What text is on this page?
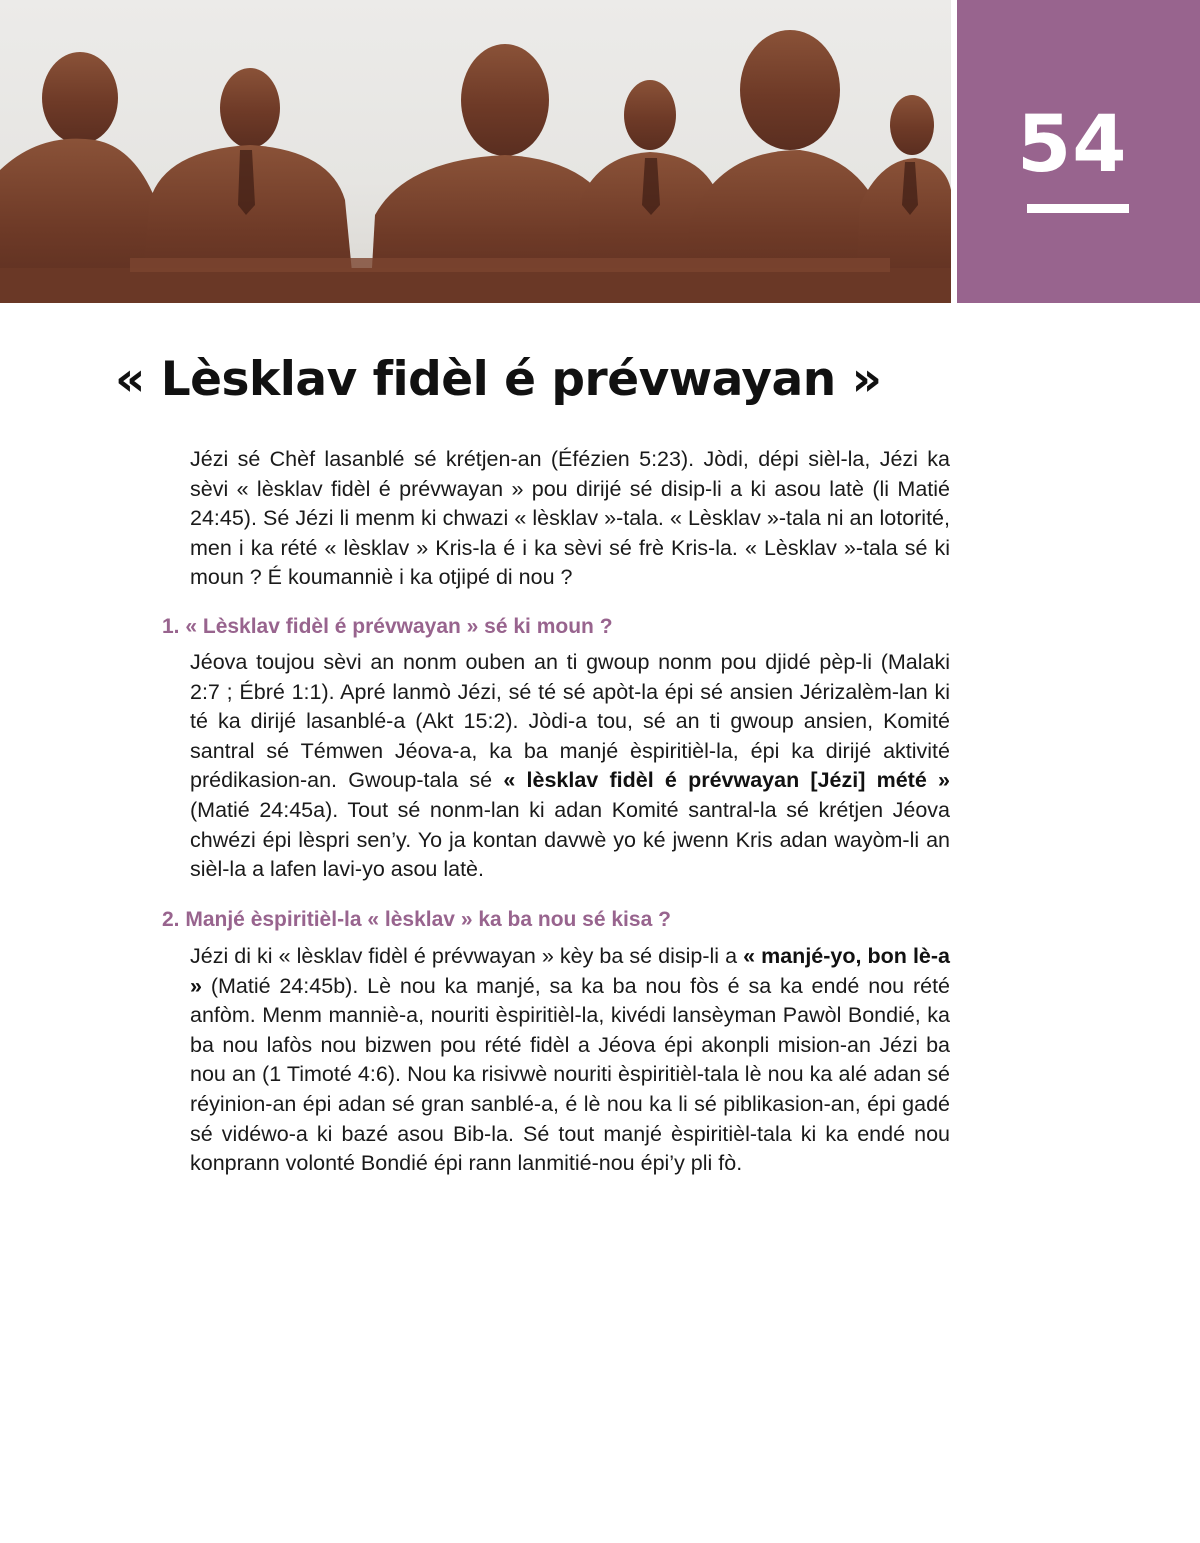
54
« Lèsklav fidèl é prévwayan »

Jézi sé Chèf lasanblé sé krétjen-an (Éfézien 5:23). Jòdi, dépi sièl-la, Jézi ka sèvi « lèsklav fidèl é prévwayan » pou dirijé sé disip-li a ki asou latè (li Matié 24:45). Sé Jézi li menm ki chwazi « lèsklav »-tala. « Lèsklav »-tala ni an lotorité, men i ka rété « lèsklav » Kris-la é i ka sèvi sé frè Kris-la. « Lèsklav »-tala sé ki moun ? É koumanniè i ka otjipé di nou ?

1. « Lèsklav fidèl é prévwayan » sé ki moun ?

Jéova toujou sèvi an nonm ouben an ti gwoup nonm pou djidé pèp-li (Malaki 2:7 ; Ébré 1:1). Apré lanmò Jézi, sé té sé apòt-la épi sé ansien Jérizalèm-lan ki té ka dirijé lasanblé-a (Akt 15:2). Jòdi-a tou, sé an ti gwoup ansien, Komité santral sé Témwen Jéova-a, ka ba manjé èspiritièl-la, épi ka dirijé aktivité prédikasion-an. Gwoup-tala sé « lèsklav fidèl é prévwayan [Jézi] mété » (Matié 24:45a). Tout sé nonm-lan ki adan Komité santral-la sé krétjen Jéova chwézi épi lèspri sen’y. Yo ja kontan davwè yo ké jwenn Kris adan wayòm-li an sièl-la a lafen lavi-yo asou latè.

2. Manjé èspiritièl-la « lèsklav » ka ba nou sé kisa ?

Jézi di ki « lèsklav fidèl é prévwayan » kèy ba sé disip-li a « manjé-yo, bon lè-a » (Matié 24:45b). Lè nou ka manjé, sa ka ba nou fòs é sa ka endé nou rété anfòm. Menm manniè-a, nouriti èspiritièl-la, kivédi lansèyman Pawòl Bondié, ka ba nou lafòs nou bizwen pou rété fidèl a Jéova épi akonpli mision-an Jézi ba nou an (1 Timoté 4:6). Nou ka risivwè nouriti èspiritièl-tala lè nou ka alé adan sé réyinion-an épi adan sé gran sanblé-a, é lè nou ka li sé piblikasion-an, épi gadé sé vidéwo-a ki bazé asou Bib-la. Sé tout manjé èspiritièl-tala ki ka endé nou konprann volonté Bondié épi rann lanmitié-nou épi’y pli fò.
